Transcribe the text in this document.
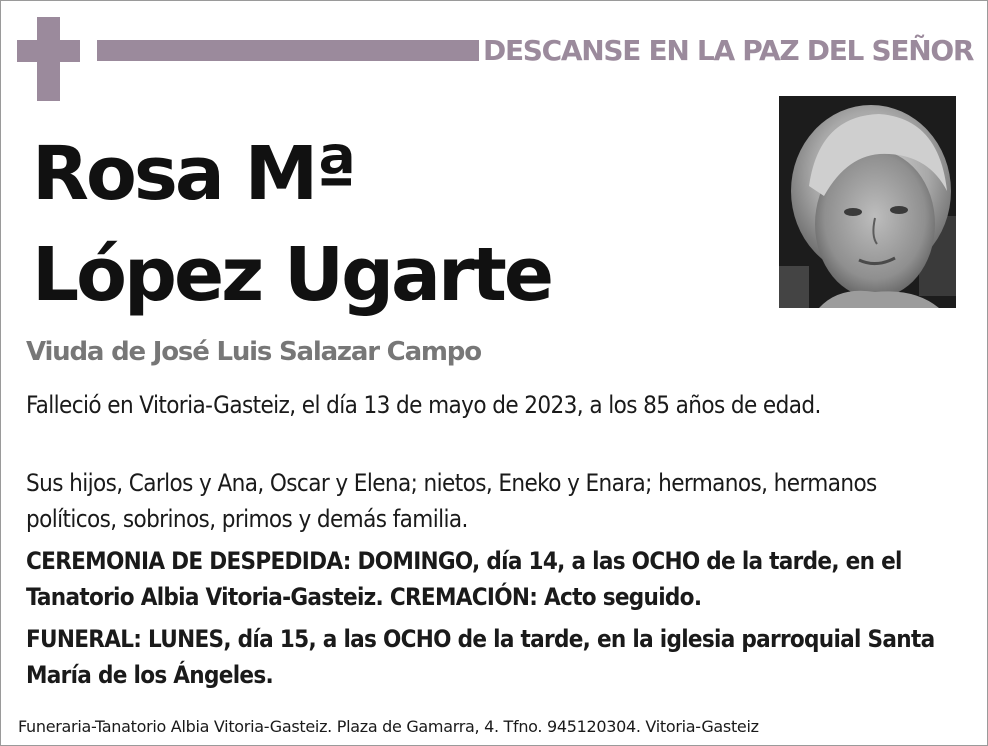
DESCANSE EN LA PAZ DEL SEÑOR
Rosa Mª
López Ugarte
Viuda de José Luis Salazar Campo
Falleció en Vitoria-Gasteiz, el día 13 de mayo de 2023, a los 85 años de edad.
Sus hijos, Carlos y Ana, Oscar y Elena; nietos, Eneko y Enara; hermanos, hermanos políticos, sobrinos, primos y demás familia.
CEREMONIA DE DESPEDIDA: DOMINGO, día 14, a las OCHO de la tarde, en el Tanatorio Albia Vitoria-Gasteiz. CREMACIÓN: Acto seguido.
FUNERAL: LUNES, día 15, a las OCHO de la tarde, en la iglesia parroquial Santa María de los Ángeles.
Funeraria-Tanatorio Albia Vitoria-Gasteiz. Plaza de Gamarra, 4. Tfno. 945120304. Vitoria-Gasteiz
